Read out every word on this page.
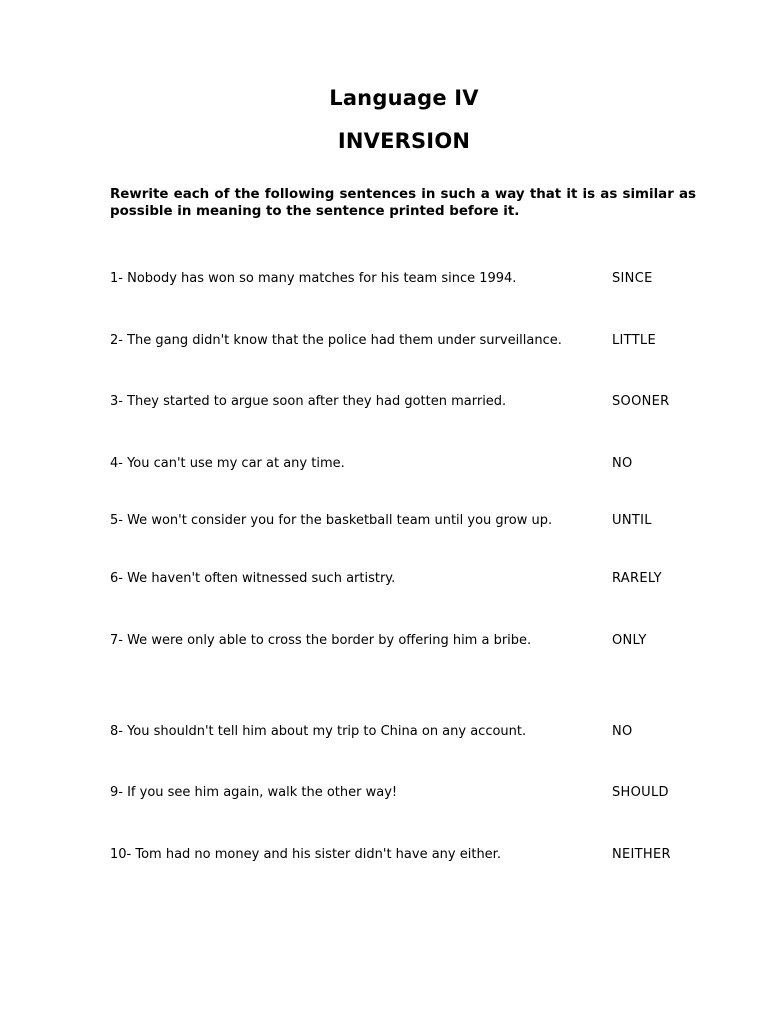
Language IV
INVERSION
Rewrite each of the following sentences in such a way that it is as similar as possible in meaning to the sentence printed before it.
1- Nobody has won so many matches for his team since 1994.	SINCE
2- The gang didn't know that the police had them under surveillance.	LITTLE
3- They started to argue soon after they had gotten married.	SOONER
4- You can't use my car at any time.	NO
5- We won't consider you for the basketball team until you grow up.	UNTIL
6- We haven't often witnessed such artistry.	RARELY
7- We were only able to cross the border by offering him a bribe.	ONLY
8- You shouldn't tell him about my trip to China on any account.	NO
9- If you see him again, walk the other way!	SHOULD
10- Tom had no money and his sister didn't have any either.	NEITHER
